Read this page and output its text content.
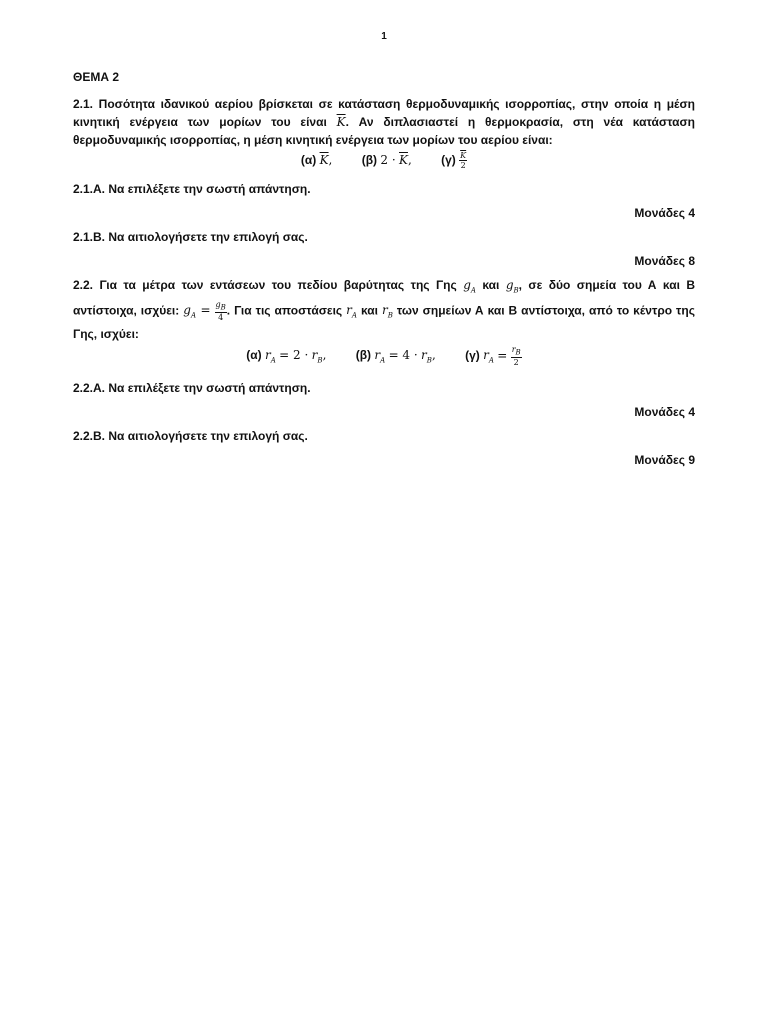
1

ΘΕΜΑ 2

2.1. Ποσότητα ιδανικού αερίου βρίσκεται σε κατάσταση θερμοδυναμικής ισορροπίας, στην οποία η μέση κινητική ενέργεια των μορίων του είναι $\overline{K}$. Αν διπλασιαστεί η θερμοκρασία, στη νέα κατάσταση θερμοδυναμικής ισορροπίας, η μέση κινητική ενέργεια των μορίων του αερίου είναι:

(α) $\overline{K}$, (β) $2 \cdot \overline{K}$, $(\gamma) \frac{\overline{K}}{2}$

2.1.Α. Να επιλέξετε την σωστή απάντηση.

Μονάδες 4

2.1.Β. Να αιτιολογήσετε την επιλογή σας.

Μονάδες 8

2.2. Για τα μέτρα των εντάσεων του πεδίου βαρύτητας της Γης $g_A$ και $g_B$, σε δύο σημεία του Α και Β αντίστοιχα, ισχύει: $g_A = \frac{g_B}{4}$ . Για τις αποστάσεις $r_A$ και $r_B$ των σημείων Α και Β αντίστοιχα, από το κέντρο της Γης, ισχύει:

(α) $r_A = 2 \cdot r_B$, (β) $r_A = 4 \cdot r_B$, (γ) $r_A = \frac{r_B}{2}$

2.2.Α. Να επιλέξετε την σωστή απάντηση.

Μονάδες 4

2.2.Β. Να αιτιολογήσετε την επιλογή σας.

Μονάδες 9
